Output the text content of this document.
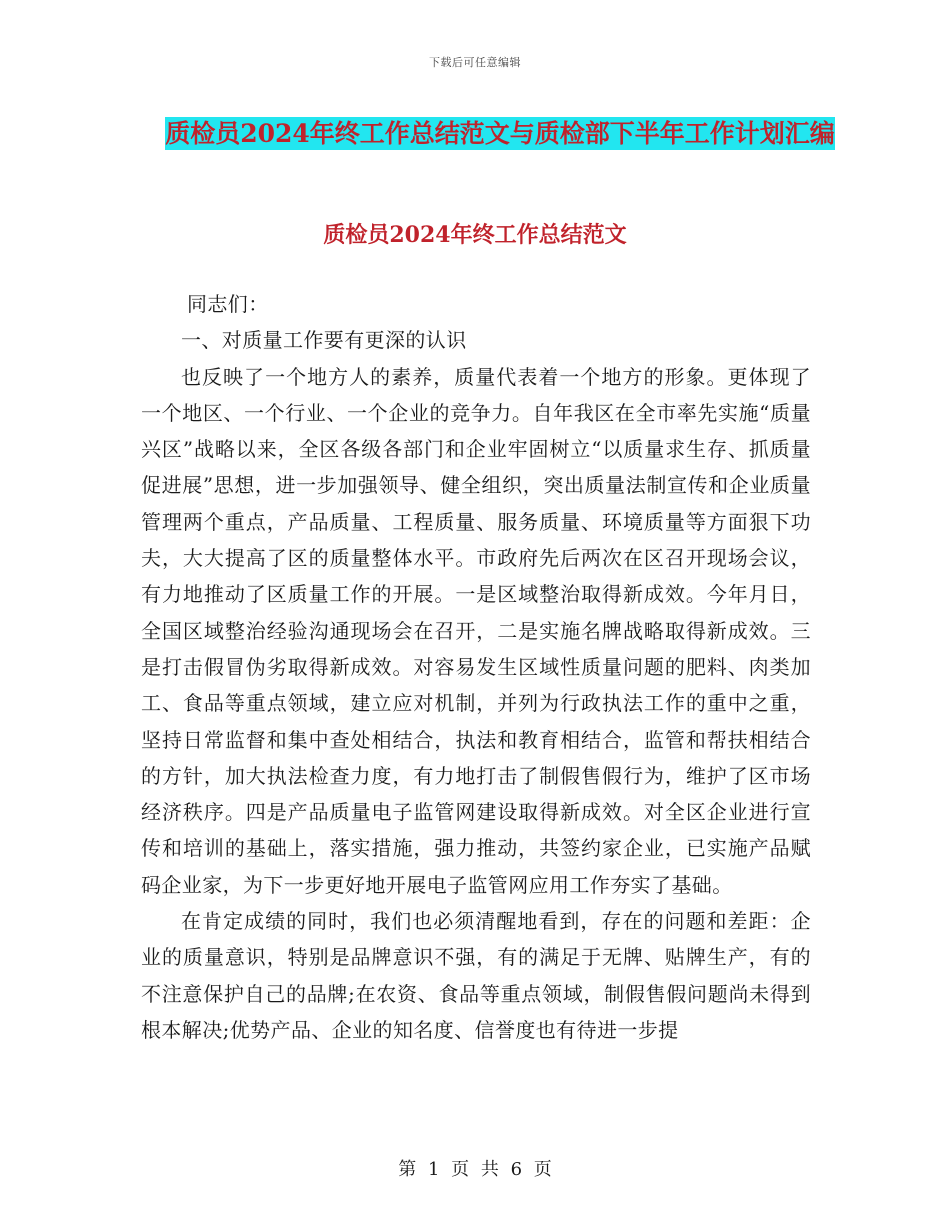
下载后可任意编辑
质检员2024年终工作总结范文与质检部下半年工作计划汇编
质检员2024年终工作总结范文

同志们：

一、对质量工作要有更深的认识

也反映了一个地方人的素养，质量代表着一个地方的形象。更体现了一个地区、一个行业、一个企业的竞争力。自年我区在全市率先实施“质量兴区”战略以来，全区各级各部门和企业牢固树立“以质量求生存、抓质量促进展”思想，进一步加强领导、健全组织，突出质量法制宣传和企业质量管理两个重点，产品质量、工程质量、服务质量、环境质量等方面狠下功夫，大大提高了区的质量整体水平。市政府先后两次在区召开现场会议，有力地推动了区质量工作的开展。一是区域整治取得新成效。今年月日，全国区域整治经验沟通现场会在召开，二是实施名牌战略取得新成效。三是打击假冒伪劣取得新成效。对容易发生区域性质量问题的肥料、肉类加工、食品等重点领域，建立应对机制，并列为行政执法工作的重中之重，坚持日常监督和集中查处相结合，执法和教育相结合，监管和帮扶相结合的方针，加大执法检查力度，有力地打击了制假售假行为，维护了区市场经济秩序。四是产品质量电子监管网建设取得新成效。对全区企业进行宣传和培训的基础上，落实措施，强力推动，共签约家企业，已实施产品赋码企业家，为下一步更好地开展电子监管网应用工作夯实了基础。

在肯定成绩的同时，我们也必须清醒地看到，存在的问题和差距：企业的质量意识，特别是品牌意识不强，有的满足于无牌、贴牌生产，有的不注意保护自己的品牌;在农资、食品等重点领域，制假售假问题尚未得到根本解决;优势产品、企业的知名度、信誉度也有待进一步提

第 1 页 共 6 页
